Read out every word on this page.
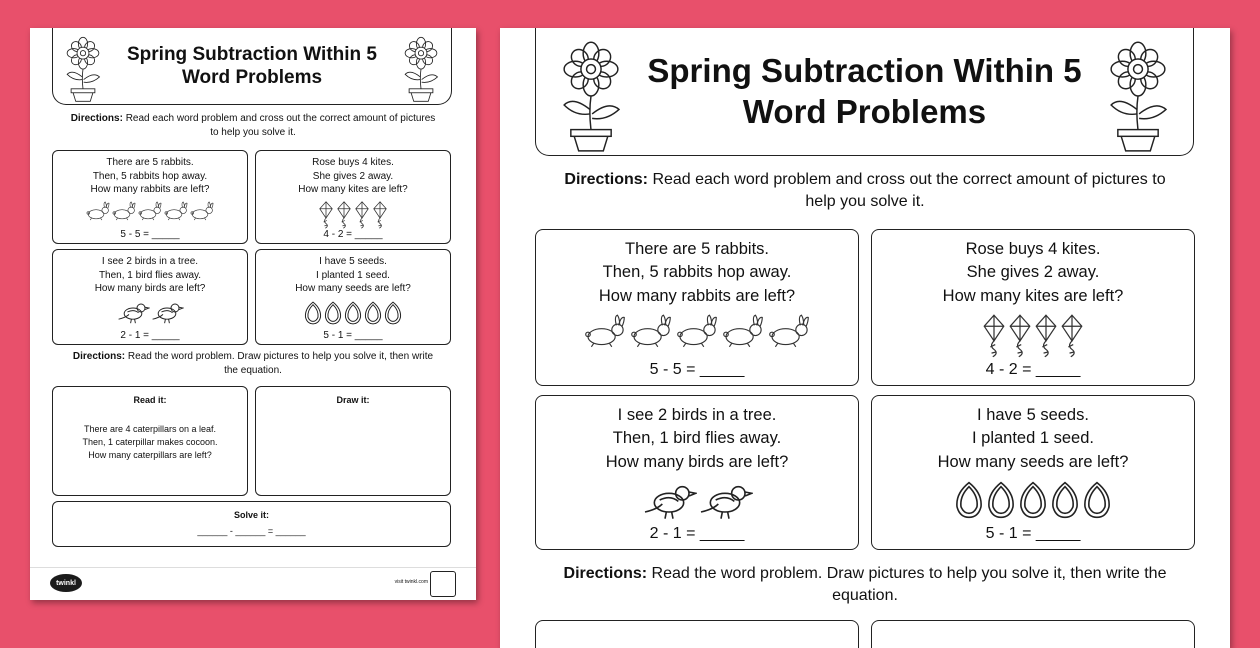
Spring Subtraction Within 5
Word Problems
Directions: Read each word problem and cross out the correct amount of pictures to help you solve it.
There are 5 rabbits.
Then, 5 rabbits hop away.
How many rabbits are left?
5 - 5 = _____
Rose buys 4 kites.
She gives 2 away.
How many kites are left?
4 - 2 = _____
I see 2 birds in a tree.
Then, 1 bird flies away.
How many birds are left?
2 - 1 = _____
I have 5 seeds.
I planted 1 seed.
How many seeds are left?
5 - 1 = _____
Directions: Read the word problem. Draw pictures to help you solve it, then write the equation.
Read it:
There are 4 caterpillars on a leaf.
Then, 1 caterpillar makes cocoon.
How many caterpillars are left?
Draw it:
Solve it:
______ - ______ = ______
twinkl	visit twinkl.com
Spring Subtraction Within 5
Word Problems
Directions: Read each word problem and cross out the correct amount of pictures to help you solve it.
There are 5 rabbits.
Then, 5 rabbits hop away.
How many rabbits are left?
5 - 5 = _____
Rose buys 4 kites.
She gives 2 away.
How many kites are left?
4 - 2 = _____
I see 2 birds in a tree.
Then, 1 bird flies away.
How many birds are left?
2 - 1 = _____
I have 5 seeds.
I planted 1 seed.
How many seeds are left?
5 - 1 = _____
Directions: Read the word problem. Draw pictures to help you solve it, then write the equation.
